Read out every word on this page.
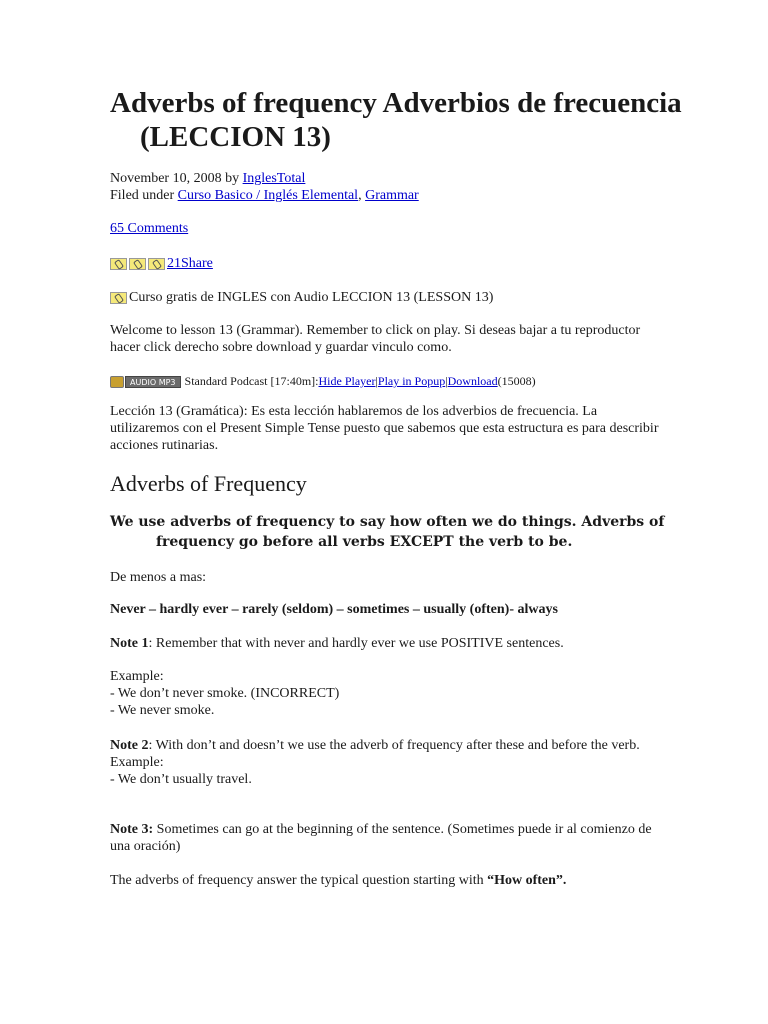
Adverbs of frequency Adverbios de frecuencia (LECCION 13)

November 10, 2008 by InglesTotal

Filed under Curso Basico / Inglés Elemental, Grammar

65 Comments

21Share

Curso gratis de INGLES con Audio LECCION 13 (LESSON 13)

Welcome to lesson 13 (Grammar). Remember to click on play. Si deseas bajar a tu reproductor hacer click derecho sobre download y guardar vinculo como.

AUDIO MP3 Standard Podcast [17:40m]: Hide Player | Play in Popup | Download (15008)

Lección 13 (Gramática): Es esta lección hablaremos de los adverbios de frecuencia. La utilizaremos con el Present Simple Tense puesto que sabemos que esta estructura es para describir acciones rutinarias.

Adverbs of Frequency

We use adverbs of frequency to say how often we do things. Adverbs of frequency go before all verbs EXCEPT the verb to be.

De menos a mas:

Never – hardly ever – rarely (seldom) – sometimes – usually (often)- always

Note 1: Remember that with never and hardly ever we use POSITIVE sentences.

Example:
- We don’t never smoke. (INCORRECT)
- We never smoke.
Note 2: With don’t and doesn’t we use the adverb of frequency after these and before the verb.
Example:
- We don’t usually travel.

Note 3: Sometimes can go at the beginning of the sentence. (Sometimes puede ir al comienzo de una oración)

The adverbs of frequency answer the typical question starting with “How often”.
